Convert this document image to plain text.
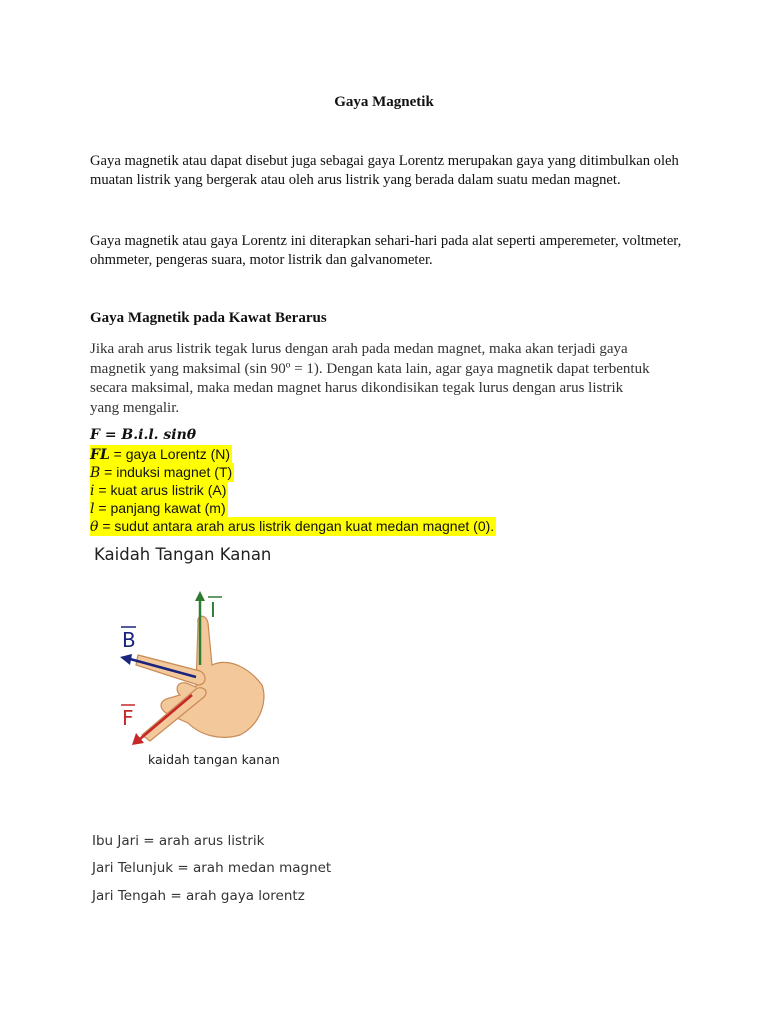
Gaya Magnetik
Gaya magnetik atau dapat disebut juga sebagai gaya Lorentz merupakan gaya yang ditimbulkan oleh muatan listrik yang bergerak atau oleh arus listrik yang berada dalam suatu medan magnet.
Gaya magnetik atau gaya Lorentz ini diterapkan sehari-hari pada alat seperti amperemeter, voltmeter, ohmmeter, pengeras suara, motor listrik dan galvanometer.
Gaya Magnetik pada Kawat Berarus
Jika arah arus listrik tegak lurus dengan arah pada medan magnet, maka akan terjadi gaya magnetik yang maksimal (sin 90º = 1). Dengan kata lain, agar gaya magnetik dapat terbentuk secara maksimal, maka medan magnet harus dikondisikan tegak lurus dengan arus listrik yang mengalir.
F = B.i.l. sinθ
FL = gaya Lorentz (N)
B = induksi magnet (T)
i = kuat arus listrik (A)
l = panjang kawat (m)
θ = sudut antara arah arus listrik dengan kuat medan magnet (0).
Kaidah Tangan Kanan
I
B
F
kaidah tangan kanan
Ibu Jari = arah arus listrik
Jari Telunjuk = arah medan magnet
Jari Tengah = arah gaya lorentz
